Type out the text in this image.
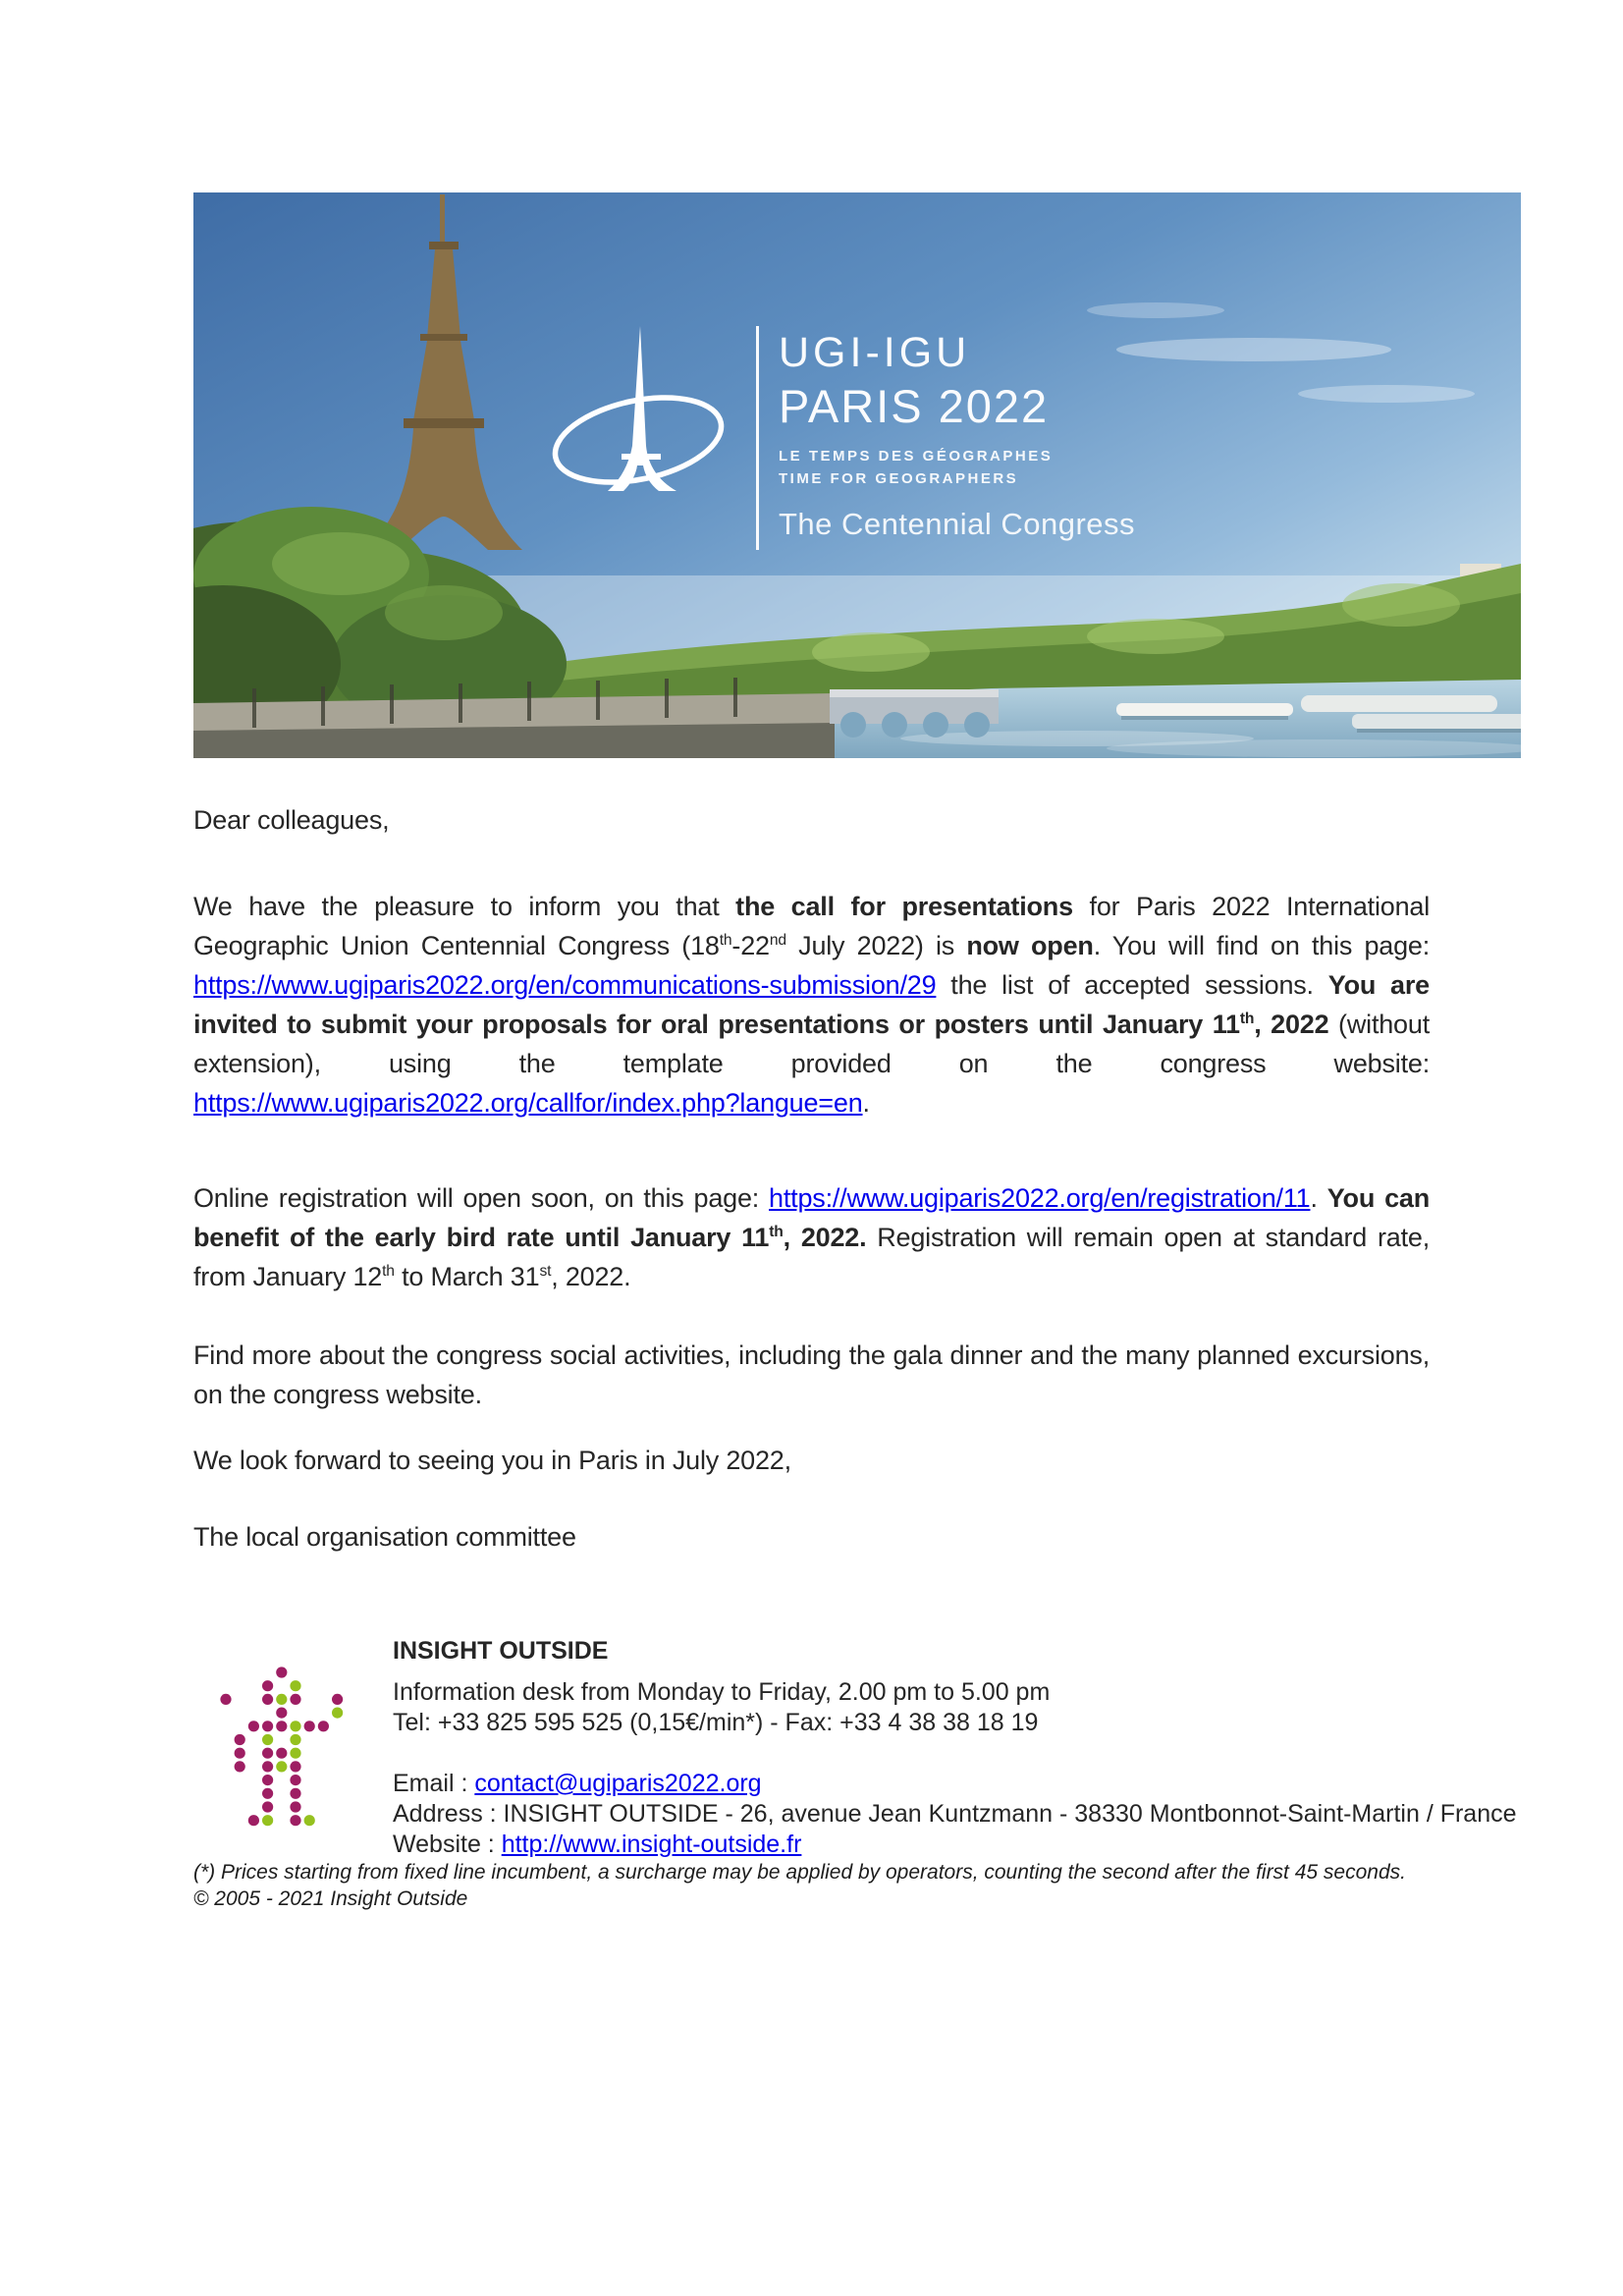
UGI-IGU
PARIS 2022
LE TEMPS DES GÉOGRAPHES
TIME FOR GEOGRAPHERS
The Centennial Congress
Dear colleagues,
We have the pleasure to inform you that the call for presentations for Paris 2022 International Geographic Union Centennial Congress (18th-22nd July 2022) is now open. You will find on this page: https://www.ugiparis2022.org/en/communications-submission/29 the list of accepted sessions. You are invited to submit your proposals for oral presentations or posters until January 11th, 2022 (without extension), using the template provided on the congress website: https://www.ugiparis2022.org/callfor/index.php?langue=en.
Online registration will open soon, on this page: https://www.ugiparis2022.org/en/registration/11. You can benefit of the early bird rate until January 11th, 2022. Registration will remain open at standard rate, from January 12th to March 31st, 2022.
Find more about the congress social activities, including the gala dinner and the many planned excursions, on the congress website.
We look forward to seeing you in Paris in July 2022,
The local organisation committee
INSIGHT OUTSIDE
Information desk from Monday to Friday, 2.00 pm to 5.00 pm
Tel: +33 825 595 525 (0,15€/min*) - Fax: +33 4 38 38 18 19
Email : contact@ugiparis2022.org
Address : INSIGHT OUTSIDE - 26, avenue Jean Kuntzmann - 38330 Montbonnot-Saint-Martin / France
Website : http://www.insight-outside.fr
(*) Prices starting from fixed line incumbent, a surcharge may be applied by operators, counting the second after the first 45 seconds.
© 2005 - 2021 Insight Outside
